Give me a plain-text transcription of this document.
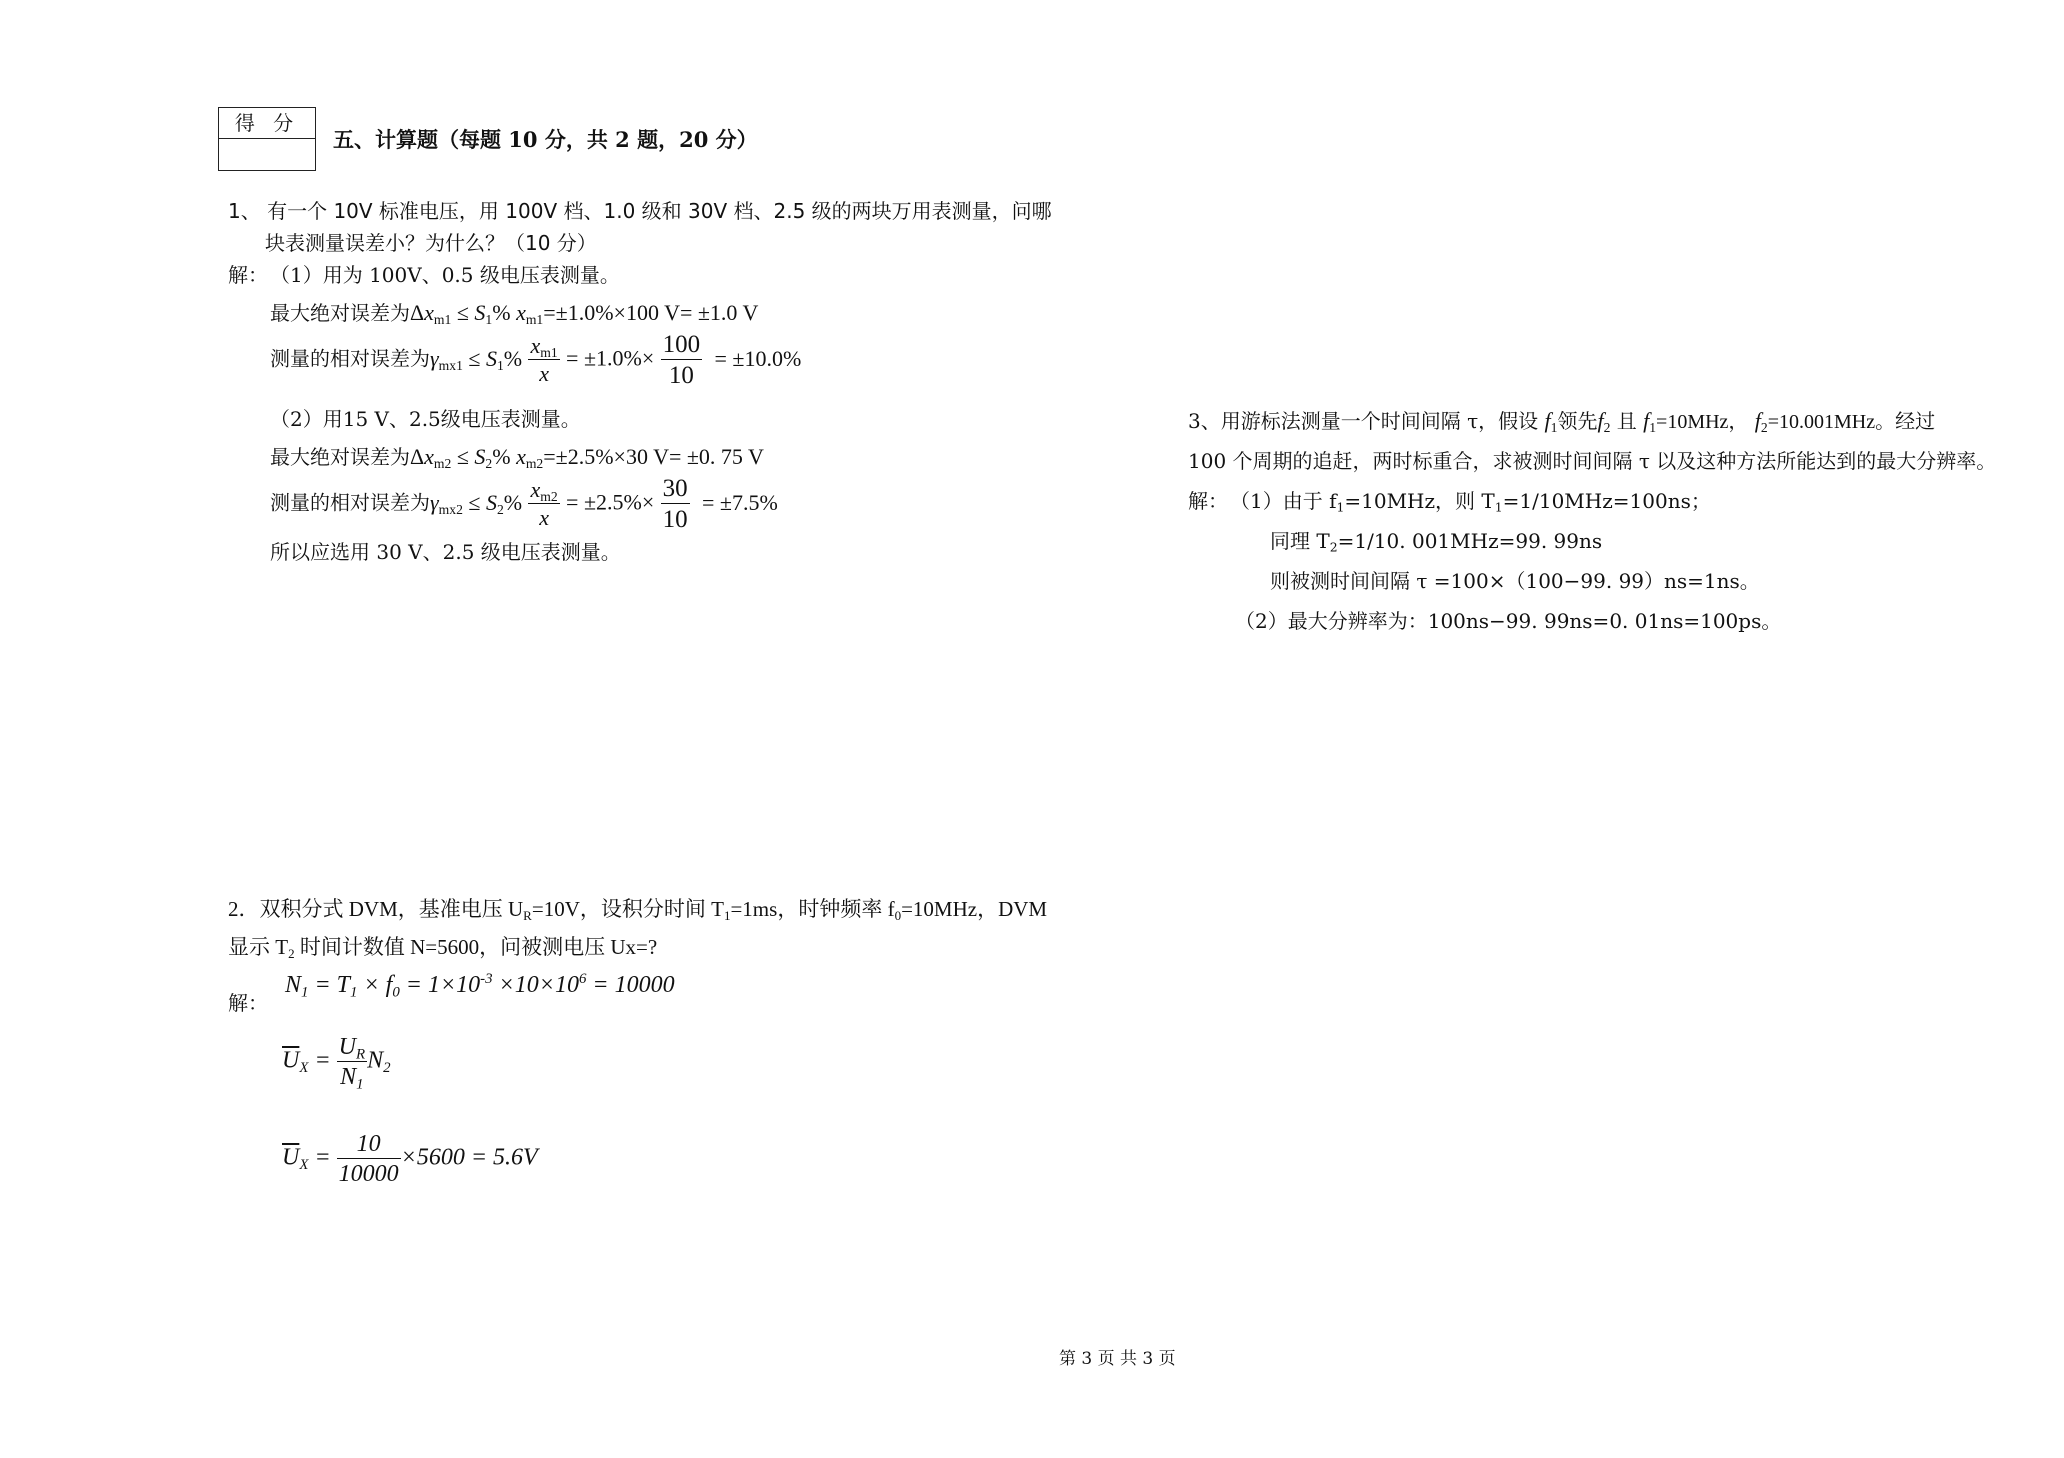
得 分
五、计算题（每题 10 分，共 2 题，20 分）
1、 有一个 10V 标准电压，用 100V 档、1.0 级和 30V 档、2.5 级的两块万用表测量，问哪
块表测量误差小？为什么？（10 分）
解： （1）用为 100V、0.5 级电压表测量。
最大绝对误差为$\Delta x_{m1} \le S_1\%$ $x_{m1}=\pm 1.0\%\times 100$ V= ±1.0 V
测量的相对误差为$\gamma_{mx1} \le S_1\% \frac{x_{m1}}{x} = \pm 1.0\%\times \frac{100}{10} = \pm 10.0\%$
（2）用15 V、2.5级电压表测量。
最大绝对误差为$\Delta x_{m2} \le S_2\%$ $x_{m2}=\pm 2.5\%\times 30$ V= ±0. 75 V
测量的相对误差为$\gamma_{mx2} \le S_2\% \frac{x_{m2}}{x} = \pm 2.5\%\times \frac{30}{10} = \pm 7.5\%$
所以应选用 30 V、2.5 级电压表测量。
2．双积分式 DVM，基准电压 $U_R=10V$，设积分时间 $T_1=1ms$，时钟频率 $f_0=10MHz$，DVM
显示 $T_2$ 时间计数值 N=5600，问被测电压 Ux=?
解：
$N_1 = T_1 \times f_0 = 1\times 10^{-3} \times 10\times 10^6 = 10000$
$\overline{U}_X = \frac{U_R}{N_1} N_2$
$\overline{U}_X = \frac{10}{10000} \times 5600 = 5.6V$
3、用游标法测量一个时间间隔 τ，假设 $f_1$领先$f_2$ 且 $f_1=10MHz$， $f_2=10.001MHz$。经过
100 个周期的追赶，两时标重合，求被测时间间隔 τ 以及这种方法所能达到的最大分辨率。
解： （1）由于 $f_1=10MHz$，则 $T_1=1/10MHz=100ns$；
同理 $T_2=1/10$. 001MHz=99. 99ns
则被测时间间隔 τ =100×（100−99. 99）ns=1ns。
（2）最大分辨率为：100ns−99. 99ns=0. 01ns=100ps。
第 3 页 共 3 页
